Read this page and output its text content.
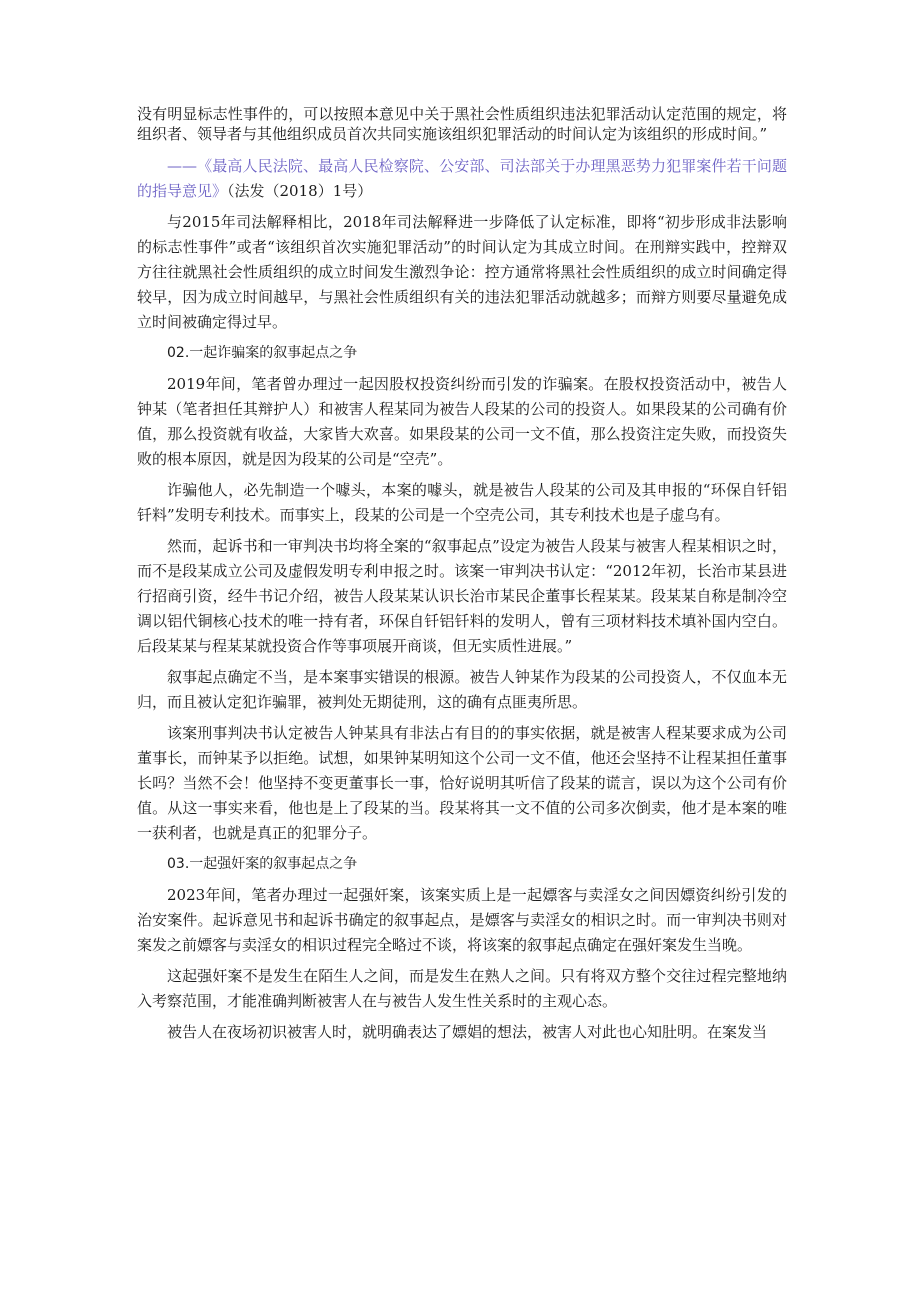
没有明显标志性事件的，可以按照本意见中关于黑社会性质组织违法犯罪活动认定范围的规定，将组织者、领导者与其他组织成员首次共同实施该组织犯罪活动的时间认定为该组织的形成时间。”

——《最高人民法院、最高人民检察院、公安部、司法部关于办理黑恶势力犯罪案件若干问题的指导意见》（法发（2018）1号）

与2015年司法解释相比，2018年司法解释进一步降低了认定标准，即将“初步形成非法影响的标志性事件”或者“该组织首次实施犯罪活动”的时间认定为其成立时间。在刑辩实践中，控辩双方往往就黑社会性质组织的成立时间发生激烈争论：控方通常将黑社会性质组织的成立时间确定得较早，因为成立时间越早，与黑社会性质组织有关的违法犯罪活动就越多；而辩方则要尽量避免成立时间被确定得过早。

02.一起诈骗案的叙事起点之争

2019年间，笔者曾办理过一起因股权投资纠纷而引发的诈骗案。在股权投资活动中，被告人钟某（笔者担任其辩护人）和被害人程某同为被告人段某的公司的投资人。如果段某的公司确有价值，那么投资就有收益，大家皆大欢喜。如果段某的公司一文不值，那么投资注定失败，而投资失败的根本原因，就是因为段某的公司是“空壳”。

诈骗他人，必先制造一个噱头，本案的噱头，就是被告人段某的公司及其申报的“环保自钎铝钎料”发明专利技术。而事实上，段某的公司是一个空壳公司，其专利技术也是子虚乌有。

然而，起诉书和一审判决书均将全案的“叙事起点”设定为被告人段某与被害人程某相识之时，而不是段某成立公司及虚假发明专利申报之时。该案一审判决书认定：“2012年初，长治市某县进行招商引资，经牛书记介绍，被告人段某某认识长治市某民企董事长程某某。段某某自称是制冷空调以铝代铜核心技术的唯一持有者，环保自钎铝钎料的发明人，曾有三项材料技术填补国内空白。后段某某与程某某就投资合作等事项展开商谈，但无实质性进展。”

叙事起点确定不当，是本案事实错误的根源。被告人钟某作为段某的公司投资人，不仅血本无归，而且被认定犯诈骗罪，被判处无期徒刑，这的确有点匪夷所思。

该案刑事判决书认定被告人钟某具有非法占有目的的事实依据，就是被害人程某要求成为公司董事长，而钟某予以拒绝。试想，如果钟某明知这个公司一文不值，他还会坚持不让程某担任董事长吗？当然不会！他坚持不变更董事长一事，恰好说明其听信了段某的谎言，误以为这个公司有价值。从这一事实来看，他也是上了段某的当。段某将其一文不值的公司多次倒卖，他才是本案的唯一获利者，也就是真正的犯罪分子。

03.一起强奸案的叙事起点之争

2023年间，笔者办理过一起强奸案，该案实质上是一起嫖客与卖淫女之间因嫖资纠纷引发的治安案件。起诉意见书和起诉书确定的叙事起点，是嫖客与卖淫女的相识之时。而一审判决书则对案发之前嫖客与卖淫女的相识过程完全略过不谈，将该案的叙事起点确定在强奸案发生当晚。

这起强奸案不是发生在陌生人之间，而是发生在熟人之间。只有将双方整个交往过程完整地纳入考察范围，才能准确判断被害人在与被告人发生性关系时的主观心态。

被告人在夜场初识被害人时，就明确表达了嫖娼的想法，被害人对此也心知肚明。在案发当
